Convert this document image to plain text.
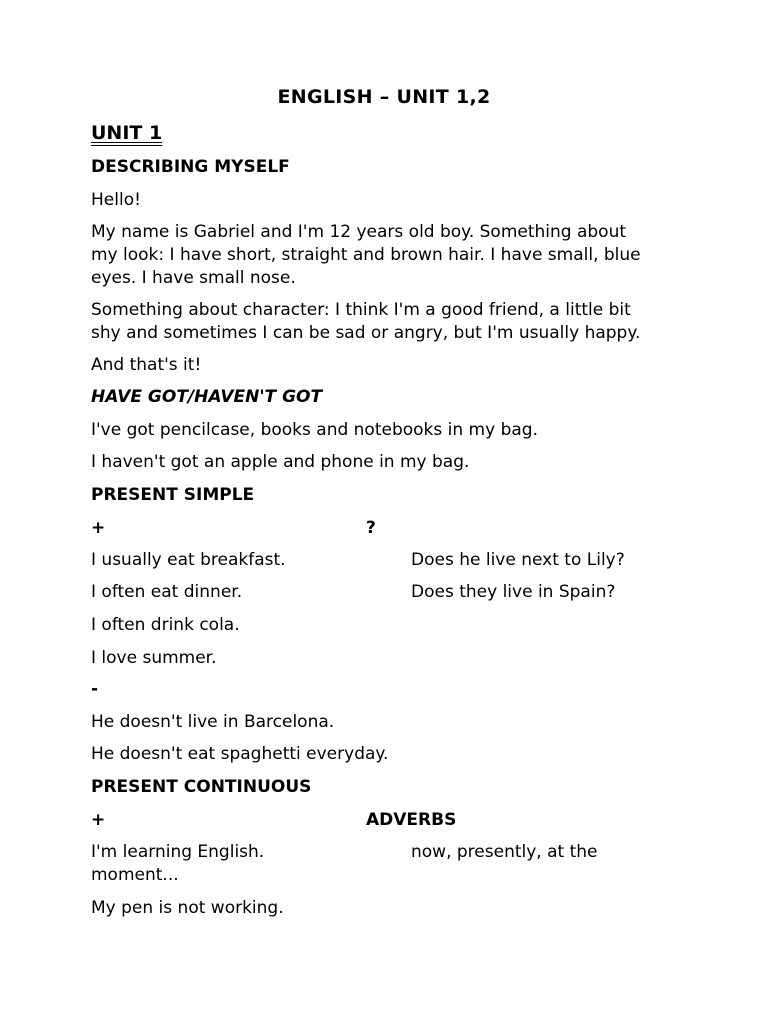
ENGLISH – UNIT 1,2
UNIT 1
DESCRIBING MYSELF
Hello!
My name is Gabriel and I'm 12 years old boy. Something about
my look: I have short, straight and brown hair. I have small, blue
eyes. I have small nose.
Something about character: I think I'm a good friend, a little bit
shy and sometimes I can be sad or angry, but I'm usually happy.
And that's it!
HAVE GOT/HAVEN'T GOT
I've got pencilcase, books and notebooks in my bag.
I haven't got an apple and phone in my bag.
PRESENT SIMPLE
+	?
I usually eat breakfast.	Does he live next to Lily?
I often eat dinner.	Does they live in Spain?
I often drink cola.
I love summer.
-
He doesn't live in Barcelona.
He doesn't eat spaghetti everyday.
PRESENT CONTINUOUS
+	ADVERBS
I'm learning English.	now, presently, at the
moment...
My pen is not working.
